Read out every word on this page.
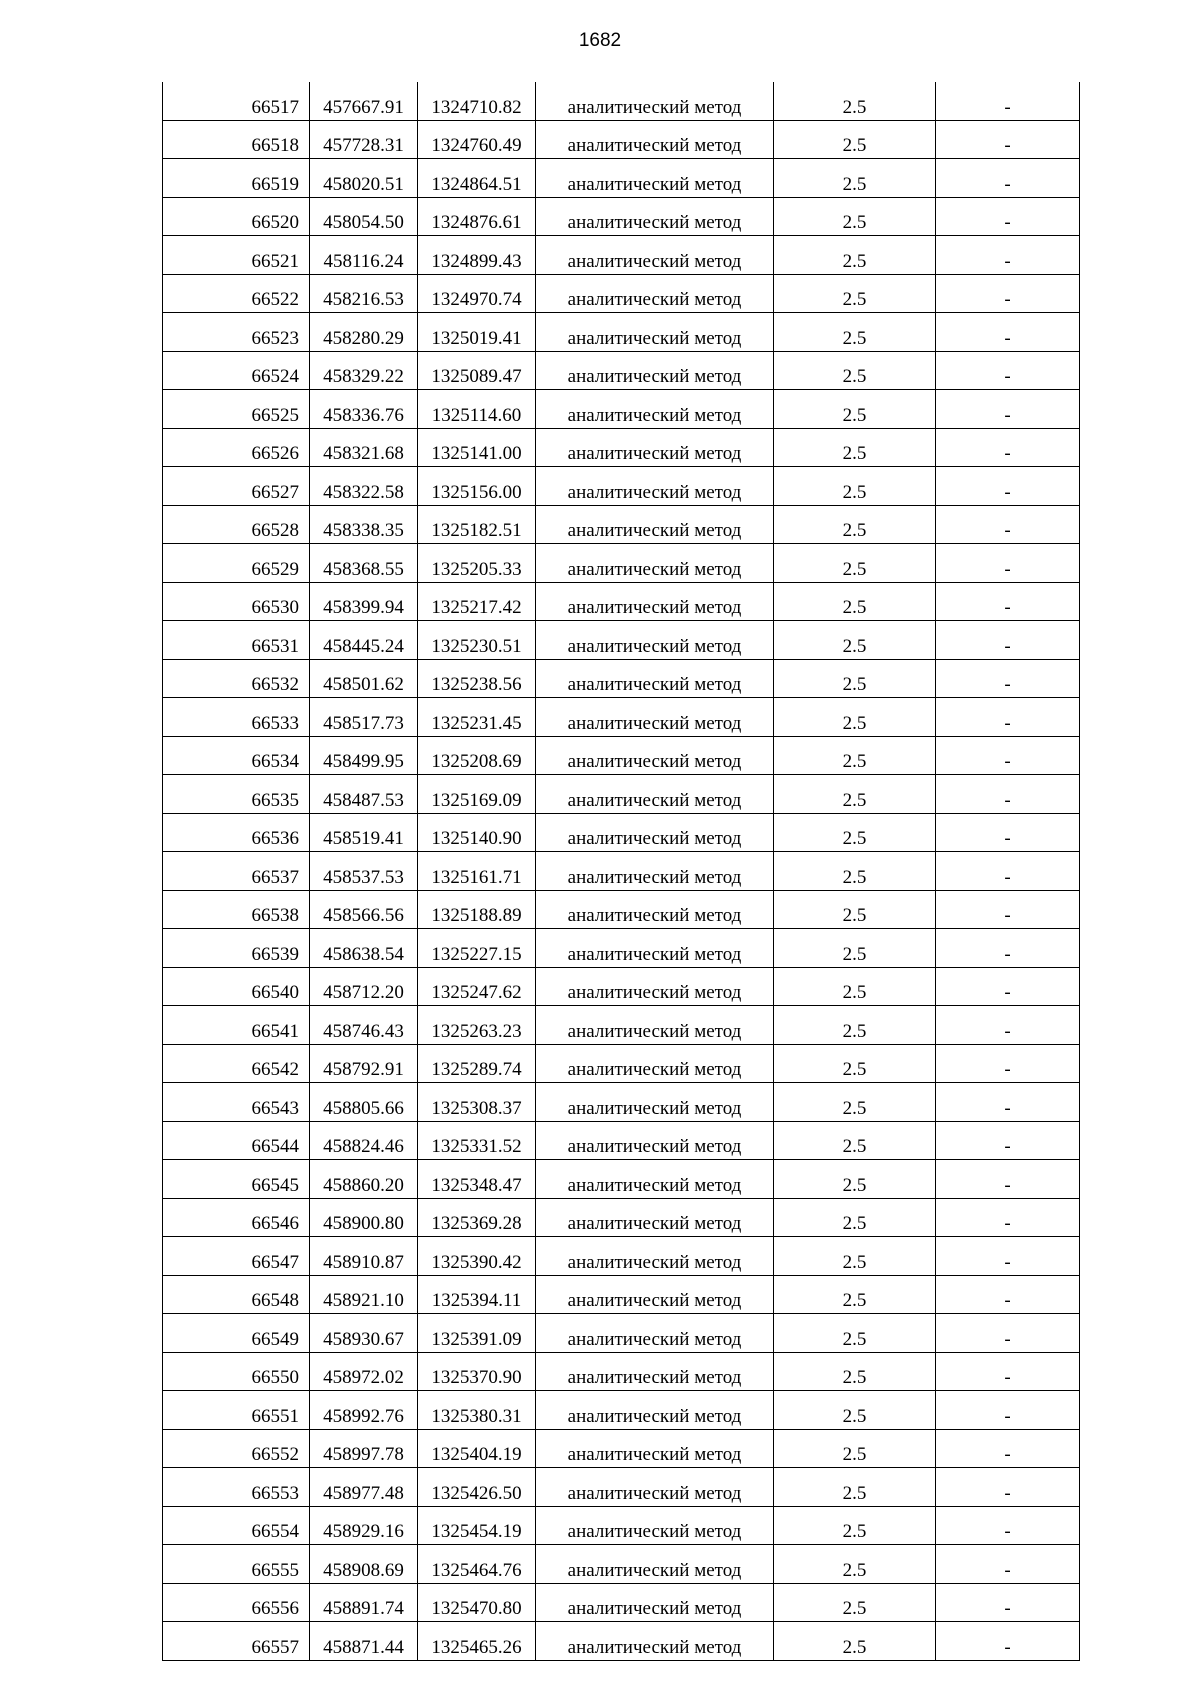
1682
66517	457667.91	1324710.82	аналитический метод	2.5	-
66518	457728.31	1324760.49	аналитический метод	2.5	-
66519	458020.51	1324864.51	аналитический метод	2.5	-
66520	458054.50	1324876.61	аналитический метод	2.5	-
66521	458116.24	1324899.43	аналитический метод	2.5	-
66522	458216.53	1324970.74	аналитический метод	2.5	-
66523	458280.29	1325019.41	аналитический метод	2.5	-
66524	458329.22	1325089.47	аналитический метод	2.5	-
66525	458336.76	1325114.60	аналитический метод	2.5	-
66526	458321.68	1325141.00	аналитический метод	2.5	-
66527	458322.58	1325156.00	аналитический метод	2.5	-
66528	458338.35	1325182.51	аналитический метод	2.5	-
66529	458368.55	1325205.33	аналитический метод	2.5	-
66530	458399.94	1325217.42	аналитический метод	2.5	-
66531	458445.24	1325230.51	аналитический метод	2.5	-
66532	458501.62	1325238.56	аналитический метод	2.5	-
66533	458517.73	1325231.45	аналитический метод	2.5	-
66534	458499.95	1325208.69	аналитический метод	2.5	-
66535	458487.53	1325169.09	аналитический метод	2.5	-
66536	458519.41	1325140.90	аналитический метод	2.5	-
66537	458537.53	1325161.71	аналитический метод	2.5	-
66538	458566.56	1325188.89	аналитический метод	2.5	-
66539	458638.54	1325227.15	аналитический метод	2.5	-
66540	458712.20	1325247.62	аналитический метод	2.5	-
66541	458746.43	1325263.23	аналитический метод	2.5	-
66542	458792.91	1325289.74	аналитический метод	2.5	-
66543	458805.66	1325308.37	аналитический метод	2.5	-
66544	458824.46	1325331.52	аналитический метод	2.5	-
66545	458860.20	1325348.47	аналитический метод	2.5	-
66546	458900.80	1325369.28	аналитический метод	2.5	-
66547	458910.87	1325390.42	аналитический метод	2.5	-
66548	458921.10	1325394.11	аналитический метод	2.5	-
66549	458930.67	1325391.09	аналитический метод	2.5	-
66550	458972.02	1325370.90	аналитический метод	2.5	-
66551	458992.76	1325380.31	аналитический метод	2.5	-
66552	458997.78	1325404.19	аналитический метод	2.5	-
66553	458977.48	1325426.50	аналитический метод	2.5	-
66554	458929.16	1325454.19	аналитический метод	2.5	-
66555	458908.69	1325464.76	аналитический метод	2.5	-
66556	458891.74	1325470.80	аналитический метод	2.5	-
66557	458871.44	1325465.26	аналитический метод	2.5	-
